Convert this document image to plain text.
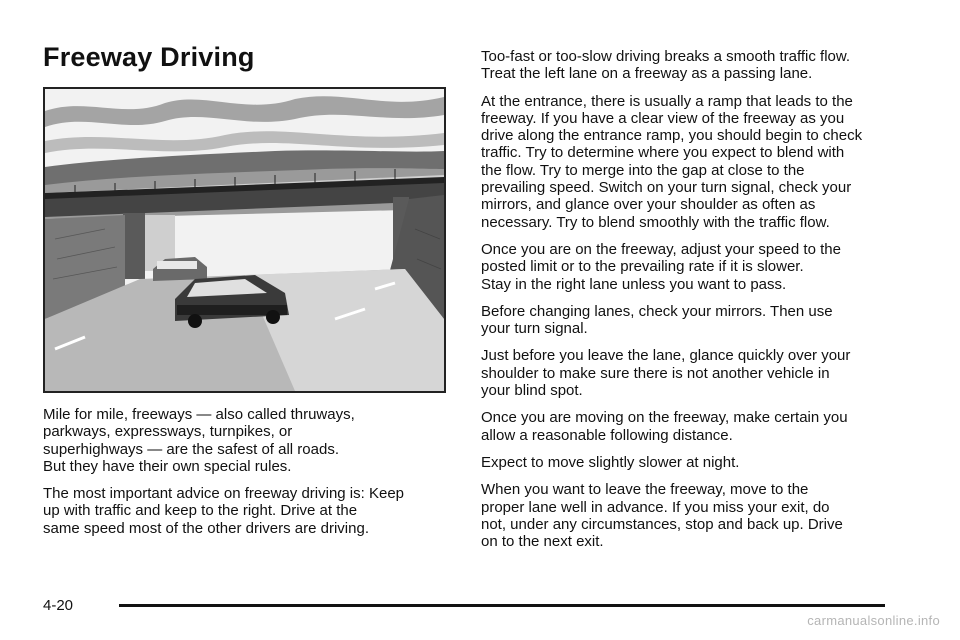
Freeway Driving

Mile for mile, freeways — also called thruways,
parkways, expressways, turnpikes, or
superhighways — are the safest of all roads.
But they have their own special rules.

The most important advice on freeway driving is: Keep
up with traffic and keep to the right. Drive at the
same speed most of the other drivers are driving.

Too-fast or too-slow driving breaks a smooth traffic flow.
Treat the left lane on a freeway as a passing lane.

At the entrance, there is usually a ramp that leads to the
freeway. If you have a clear view of the freeway as you
drive along the entrance ramp, you should begin to check
traffic. Try to determine where you expect to blend with
the flow. Try to merge into the gap at close to the
prevailing speed. Switch on your turn signal, check your
mirrors, and glance over your shoulder as often as
necessary. Try to blend smoothly with the traffic flow.

Once you are on the freeway, adjust your speed to the
posted limit or to the prevailing rate if it is slower.
Stay in the right lane unless you want to pass.

Before changing lanes, check your mirrors. Then use
your turn signal.

Just before you leave the lane, glance quickly over your
shoulder to make sure there is not another vehicle in
your blind spot.

Once you are moving on the freeway, make certain you
allow a reasonable following distance.

Expect to move slightly slower at night.

When you want to leave the freeway, move to the
proper lane well in advance. If you miss your exit, do
not, under any circumstances, stop and back up. Drive
on to the next exit.

4-20
carmanualsonline.info
